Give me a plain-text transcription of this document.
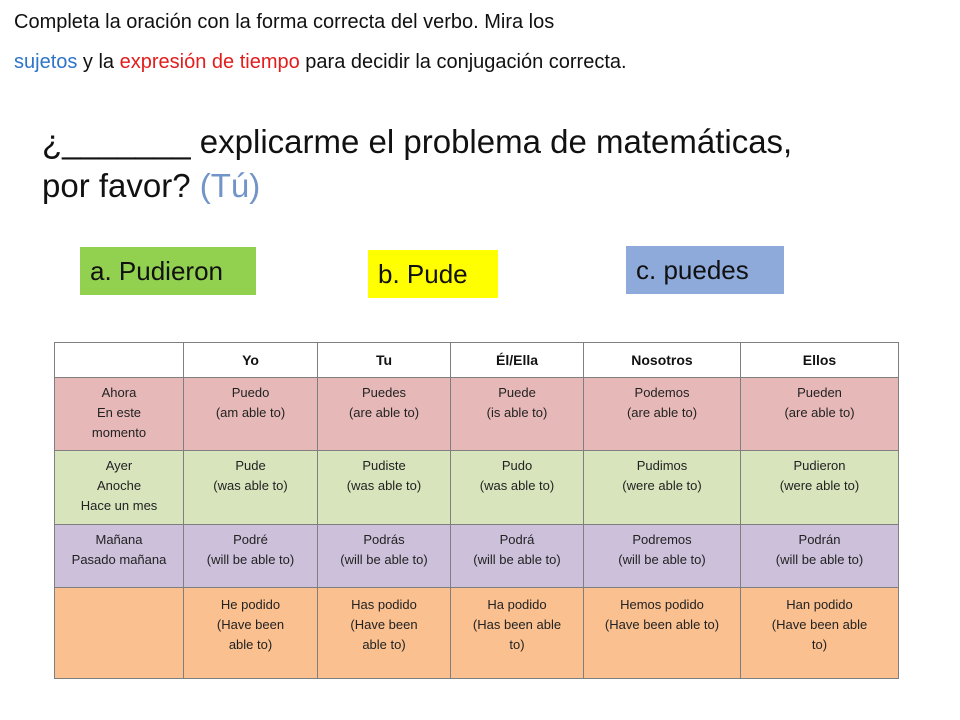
Completa la oración con la forma correcta del verbo. Mira los
sujetos y la expresión de tiempo para decidir la conjugación correcta.
¿_______ explicarme el problema de matemáticas,
por favor? (Tú)
a. Pudieron	b. Pude	c. puedes
	Yo	Tu	Él/Ella	Nosotros	Ellos

Ahora
En este
momento	Puedo
(am able to)	Puedes
(are able to)	Puede
(is able to)	Podemos
(are able to)	Pueden
(are able to)

Ayer
Anoche
Hace un mes	Pude
(was able to)	Pudiste
(was able to)	Pudo
(was able to)	Pudimos
(were able to)	Pudieron
(were able to)

Mañana
Pasado mañana	Podré
(will be able to)	Podrás
(will be able to)	Podrá
(will be able to)	Podremos
(will be able to)	Podrán
(will be able to)

	He podido
(Have been
able to)	Has podido
(Have been
able to)	Ha podido
(Has been able
to)	Hemos podido
(Have been able to)	Han podido
(Have been able
to)
